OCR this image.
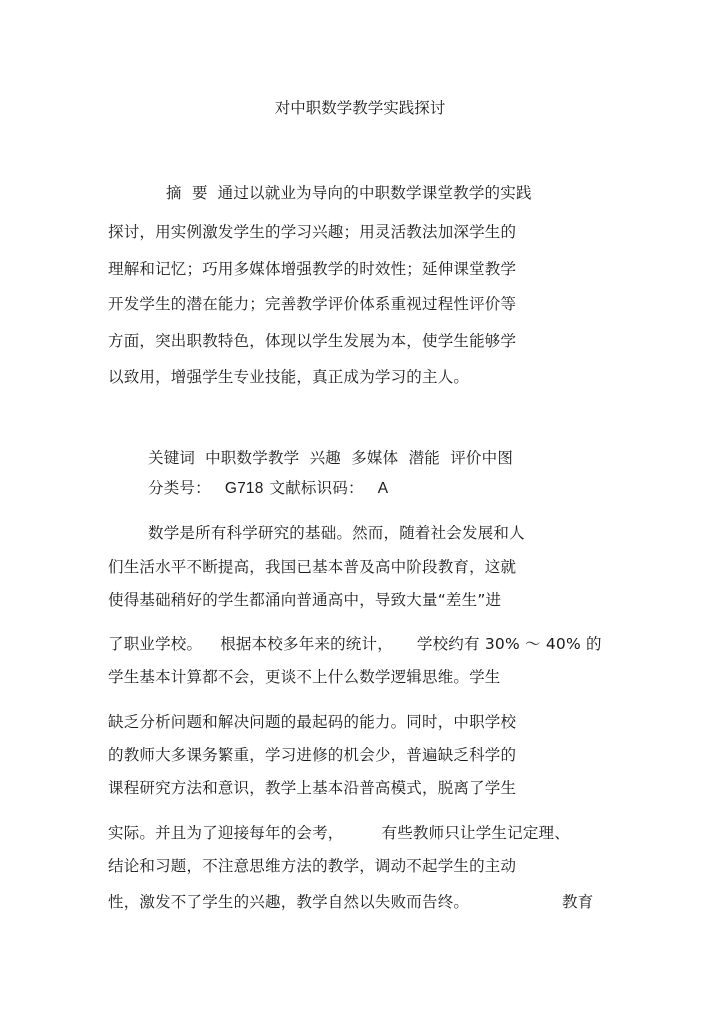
对中职数学教学实践探讨
摘  要 通过以就业为导向的中职数学课堂教学的实践
探讨，用实例激发学生的学习兴趣；用灵活教法加深学生的
理解和记忆；巧用多媒体增强教学的时效性；延伸课堂教学
开发学生的潜在能力；完善教学评价体系重视过程性评价等
方面，突出职教特色，体现以学生发展为本，使学生能够学
以致用，增强学生专业技能，真正成为学习的主人。
关键词 中职数学教学  兴趣  多媒体  潜能  评价中图
分类号： G718 文献标识码： A
数学是所有科学研究的基础。然而，随着社会发展和人
们生活水平不断提高，我国已基本普及高中阶段教育，这就
使得基础稍好的学生都涌向普通高中，导致大量“差生”进
了职业学校。 根据本校多年来的统计， 学校约有 30% ～ 40% 的
学生基本计算都不会，更谈不上什么数学逻辑思维。学生
缺乏分析问题和解决问题的最起码的能力。同时，中职学校
的教师大多课务繁重，学习进修的机会少，普遍缺乏科学的
课程研究方法和意识，教学上基本沿普高模式，脱离了学生
实际。并且为了迎接每年的会考， 有些教师只让学生记定理、
结论和习题，不注意思维方法的教学，调动不起学生的主动
性，激发不了学生的兴趣，教学自然以失败而告终。	教育
